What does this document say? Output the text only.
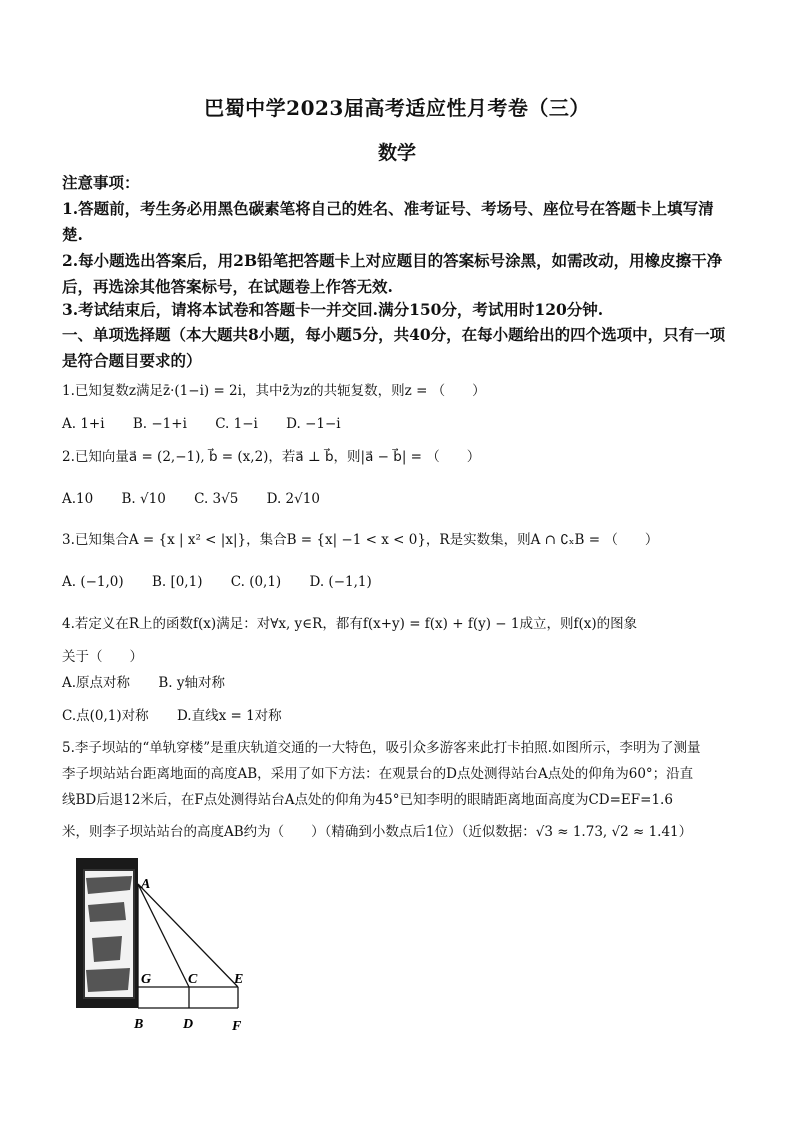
巴蜀中学2023届高考适应性月考卷（三）
数学
注意事项：
1.答题前，考生务必用黑色碳素笔将自己的姓名、准考证号、考场号、座位号在答题卡上填写清楚.
2.每小题选出答案后，用2B铅笔把答题卡上对应题目的答案标号涂黑，如需改动，用橡皮擦干净后，再选涂其他答案标号，在试题卷上作答无效.
3.考试结束后，请将本试卷和答题卡一并交回.满分150分，考试用时120分钟.
一、单项选择题（本大题共8小题，每小题5分，共40分，在每小题给出的四个选项中，只有一项是符合题目要求的）
1.已知复数z满足z̄·(1−i) = 2i，其中z̄为z的共轭复数，则z = （　　）
A. 1+i B. −1+i C. 1−i D. −1−i
2.已知向量a⃗ = (2,−1), b⃗ = (x,2)，若a⃗ ⊥ b⃗，则|a⃗ − b⃗| = （　　）
A.10 B. √10 C. 3√5 D. 2√10
3.已知集合A = {x | x² < |x|}，集合B = {x| −1 < x < 0}，R是实数集，则A ∩ ∁ₓB = （　　）
A. (−1,0) B. [0,1) C. (0,1) D. (−1,1)
4.若定义在R上的函数f(x)满足：对∀x, y∈R，都有f(x+y) = f(x) + f(y) − 1成立，则f(x)的图象
关于（　　）
A.原点对称 B. y轴对称
C.点(0,1)对称 D.直线x = 1对称
5.李子坝站的“单轨穿楼”是重庆轨道交通的一大特色，吸引众多游客来此打卡拍照.如图所示，李明为了测量
李子坝站站台距离地面的高度AB，采用了如下方法：在观景台的D点处测得站台A点处的仰角为60°；沿直
线BD后退12米后，在F点处测得站台A点处的仰角为45°已知李明的眼睛距离地面高度为CD=EF=1.6
米，则李子坝站站台的高度AB约为（　　）（精确到小数点后1位）（近似数据：√3 ≈ 1.73, √2 ≈ 1.41）
A
G	C	E
B	D	F
